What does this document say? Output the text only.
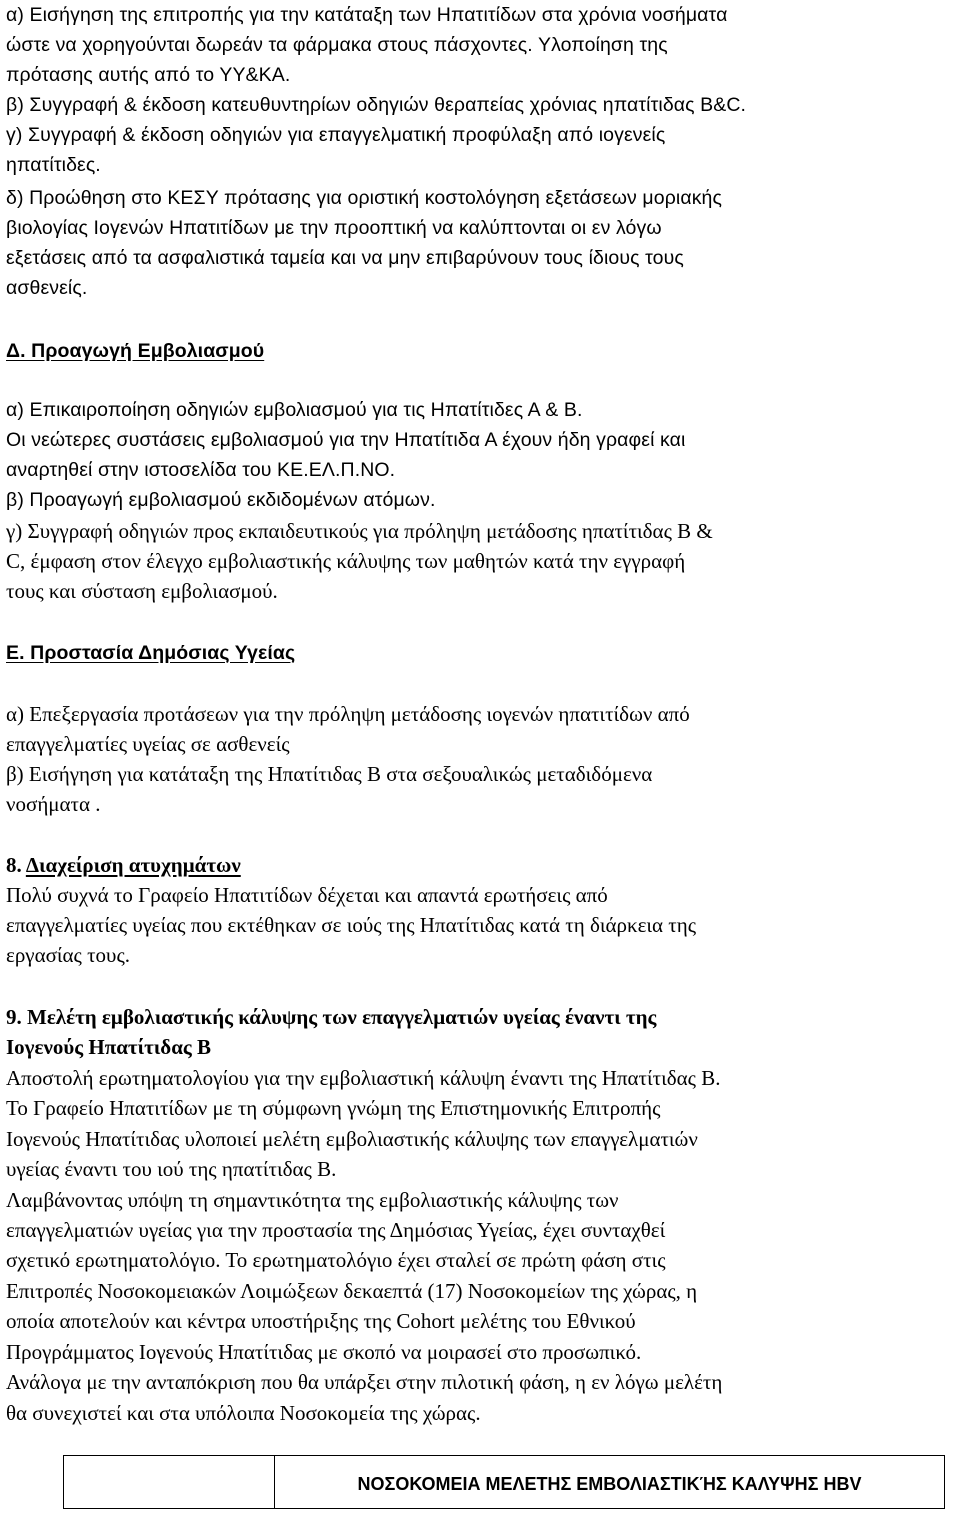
α) Εισήγηση της επιτροπής για την κατάταξη των Ηπατιτίδων στα χρόνια νοσήματα
ώστε να χορηγούνται δωρεάν τα φάρμακα στους πάσχοντες. Υλοποίηση της
πρότασης αυτής από το ΥΥ&ΚΑ.
β) Συγγραφή & έκδοση κατευθυντηρίων οδηγιών θεραπείας χρόνιας ηπατίτιδας B&C.
γ) Συγγραφή & έκδοση οδηγιών για επαγγελματική προφύλαξη από ιογενείς
ηπατίτιδες.
δ) Προώθηση στο ΚΕΣΥ πρότασης για οριστική κοστολόγηση εξετάσεων μοριακής
βιολογίας Ιογενών Ηπατιτίδων με την προοπτική να καλύπτονται οι εν λόγω
εξετάσεις από τα ασφαλιστικά ταμεία και να μην επιβαρύνουν τους ίδιους τους
ασθενείς.
Δ. Προαγωγή Εμβολιασμού
α) Επικαιροποίηση οδηγιών εμβολιασμού για τις Ηπατίτιδες Α & Β.
Οι νεώτερες συστάσεις εμβολιασμού για την Ηπατίτιδα Α έχουν ήδη γραφεί και
αναρτηθεί στην ιστοσελίδα του ΚΕ.ΕΛ.Π.ΝΟ.
β) Προαγωγή εμβολιασμού εκδιδομένων ατόμων.
γ) Συγγραφή οδηγιών προς εκπαιδευτικούς για πρόληψη μετάδοσης ηπατίτιδας Β &
C, έμφαση στον έλεγχο εμβολιαστικής κάλυψης των μαθητών κατά την εγγραφή
τους και σύσταση εμβολιασμού.
Ε. Προστασία Δημόσιας Υγείας
α) Επεξεργασία προτάσεων για την πρόληψη μετάδοσης ιογενών ηπατιτίδων από
επαγγελματίες υγείας σε ασθενείς
β) Εισήγηση για κατάταξη της Ηπατίτιδας Β στα σεξουαλικώς μεταδιδόμενα
νοσήματα .
8. Διαχείριση ατυχημάτων
Πολύ συχνά το Γραφείο Ηπατιτίδων δέχεται και απαντά ερωτήσεις από
επαγγελματίες υγείας που εκτέθηκαν σε ιούς της Ηπατίτιδας κατά τη διάρκεια της
εργασίας τους.
9. Μελέτη εμβολιαστικής κάλυψης των επαγγελματιών υγείας έναντι της
Ιογενούς Ηπατίτιδας Β
Αποστολή ερωτηματολογίου για την εμβολιαστική κάλυψη έναντι της Ηπατίτιδας Β.
Το Γραφείο Ηπατιτίδων με τη σύμφωνη γνώμη της Επιστημονικής Επιτροπής
Ιογενούς Ηπατίτιδας υλοποιεί μελέτη εμβολιαστικής κάλυψης των επαγγελματιών
υγείας έναντι του ιού της ηπατίτιδας Β.
Λαμβάνοντας υπόψη τη σημαντικότητα της εμβολιαστικής κάλυψης των
επαγγελματιών υγείας για την προστασία της Δημόσιας Υγείας, έχει συνταχθεί
σχετικό ερωτηματολόγιο. Το ερωτηματολόγιο έχει σταλεί σε πρώτη φάση στις
Επιτροπές Νοσοκομειακών Λοιμώξεων δεκαεπτά (17) Νοσοκομείων της χώρας, η
οποία αποτελούν και κέντρα υποστήριξης της Cohort μελέτης του Εθνικού
Προγράμματος Ιογενούς Ηπατίτιδας με σκοπό να μοιρασεί στο προσωπικό.
Ανάλογα με την ανταπόκριση που θα υπάρξει στην πιλοτική φάση, η εν λόγω μελέτη
θα συνεχιστεί και στα υπόλοιπα Νοσοκομεία της χώρας.
ΝΟΣΟΚΟΜΕΙΑ ΜΕΛΕΤΗΣ ΕΜΒΟΛΙΑΣΤΙΚΉΣ ΚΑΛΥΨΗΣ HBV
